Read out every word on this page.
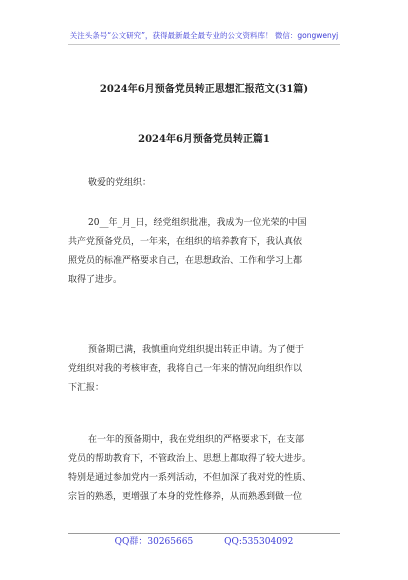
关注头条号“公文研究”，获得最新最全最专业的公文资料库！ 微信：gongwenyj
2024年6月预备党员转正思想汇报范文(31篇)
2024年6月预备党员转正篇1
敬爱的党组织：
20__年_月_日，经党组织批准，我成为一位光荣的中国
共产党预备党员，一年来，在组织的培养教育下，我认真依
照党员的标准严格要求自己，在思想政治、工作和学习上都
取得了进步。
预备期已满，我慎重向党组织提出转正申请。为了便于
党组织对我的考核审查，我将自己一年来的情况向组织作以
下汇报：
在一年的预备期中，我在党组织的严格要求下，在支部
党员的帮助教育下，不管政治上、思想上都取得了较大进步。
特别是通过参加党内一系列活动，不但加深了我对党的性质、
宗旨的熟悉，更增强了本身的党性修养，从而熟悉到做一位
QQ群：30265665	QQ:535304092
